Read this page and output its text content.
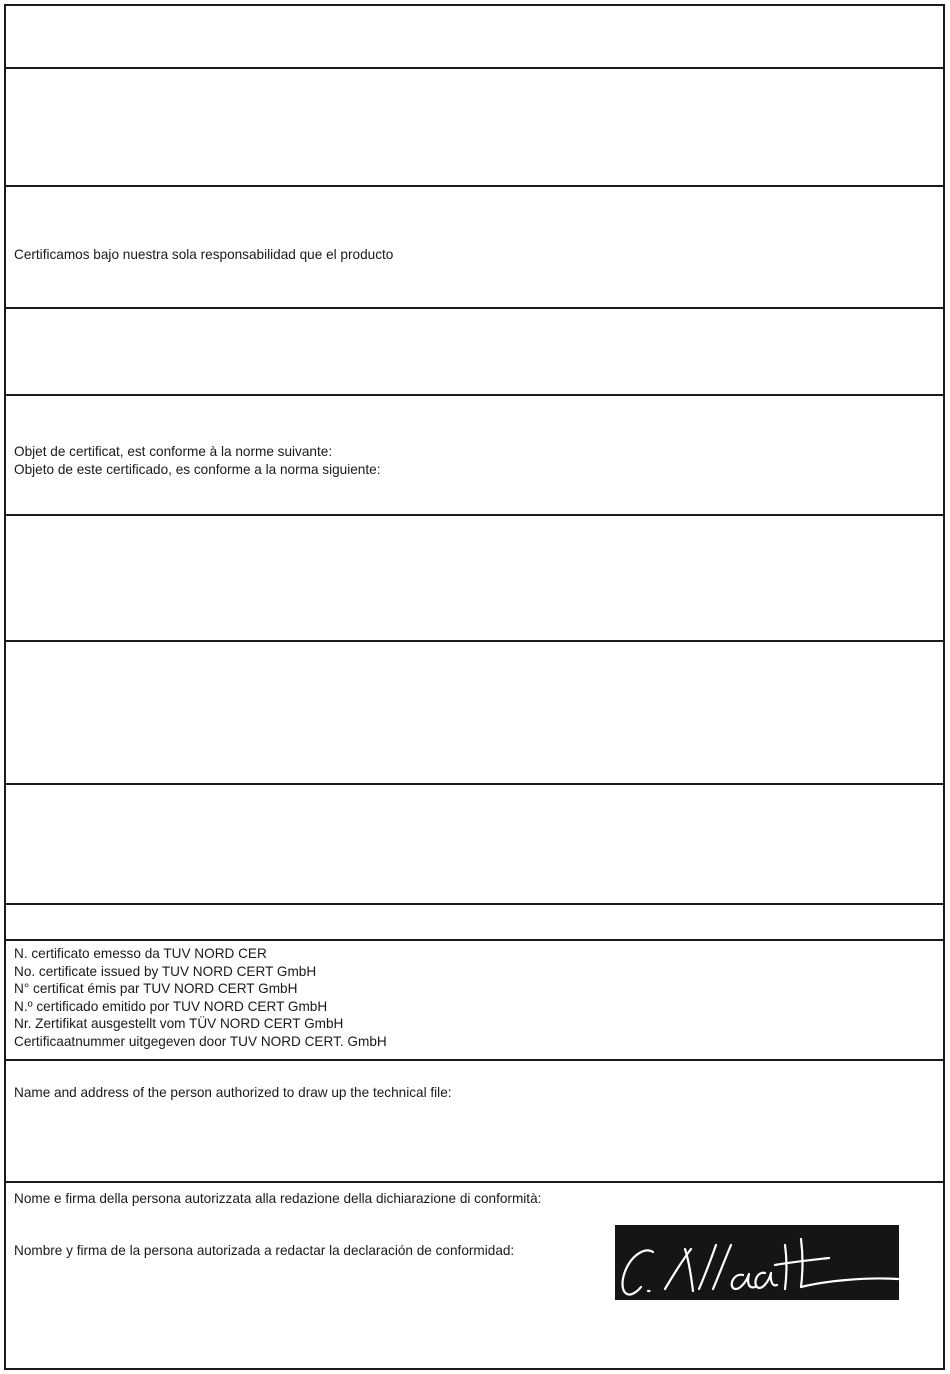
Certificamos bajo nuestra sola responsabilidad que el producto

Objet de certificat, est conforme à la norme suivante:
Objeto de este certificado, es conforme a la norma siguiente:
N. certificato emesso da TUV NORD CER
No. certificate issued by TUV NORD CERT GmbH
N° certificat émis par TUV NORD CERT GmbH
N.º certificado emitido por TUV NORD CERT GmbH
Nr. Zertifikat ausgestellt vom TÜV NORD CERT GmbH
Certificaatnummer uitgegeven door TUV NORD CERT. GmbH

Name and address of the person authorized to draw up the technical file:

Nome e firma della persona autorizzata alla redazione della dichiarazione di conformità:

Nombre y firma de la persona autorizada a redactar la declaración de conformidad:
